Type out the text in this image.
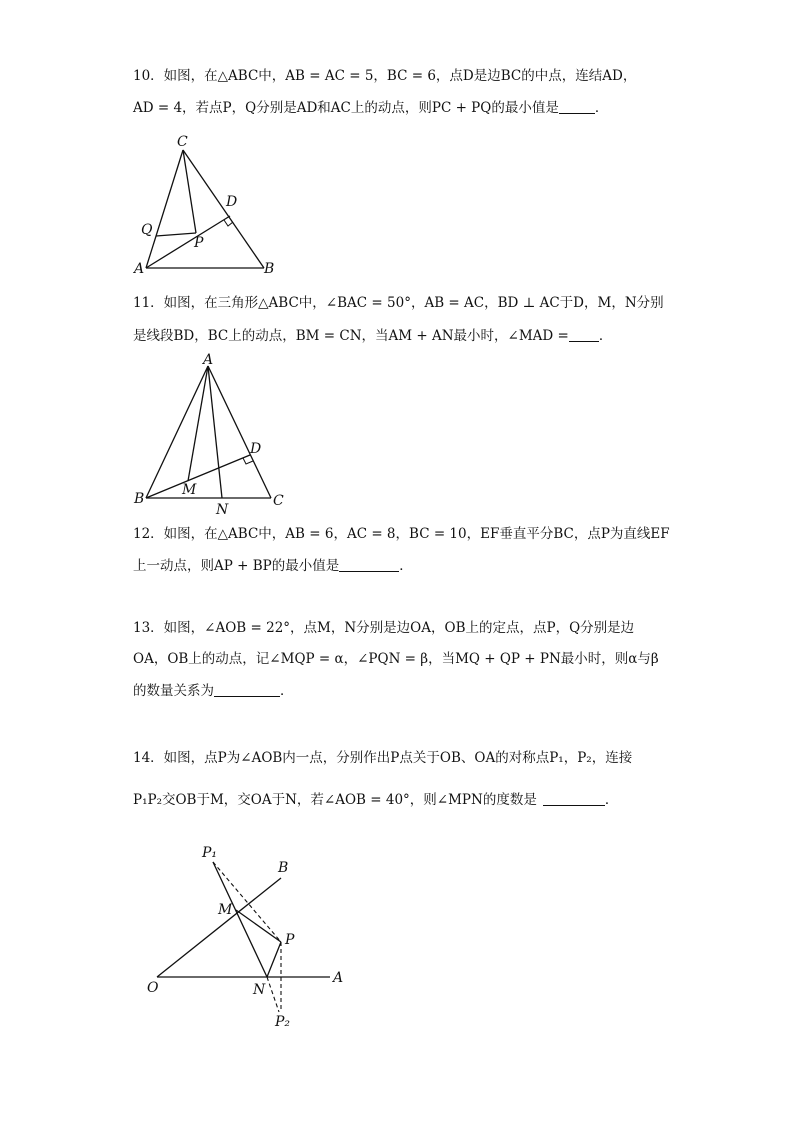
10．如图，在△ABC中，AB = AC = 5，BC = 6，点D是边BC的中点，连结AD，
AD = 4，若点P，Q分别是AD和AC上的动点，则PC + PQ的最小值是	．
C
D
Q
P
A	B
11．如图，在三角形△ABC中，∠BAC = 50°，AB = AC，BD ⊥ AC于D，M，N分别
是线段BD，BC上的动点，BM = CN，当AM + AN最小时，∠MAD = ．
A
D
M
B
N
C
12．如图，在△ABC中，AB = 6，AC = 8，BC = 10，EF垂直平分BC，点P为直线EF
上一动点，则AP + BP的最小值是	．
13．如图，∠AOB = 22°，点M，N分别是边OA，OB上的定点，点P，Q分别是边
OA，OB上的动点，记∠MQP = α，∠PQN = β，当MQ + QP + PN最小时，则α与β
的数量关系为	．
14．如图，点P为∠AOB内一点，分别作出P点关于OB、OA的对称点P₁，P₂，连接
P₁P₂交OB于M，交OA于N，若∠AOB = 40°，则∠MPN的度数是	．
P₁
B
M
P
O	N
A
P₂
